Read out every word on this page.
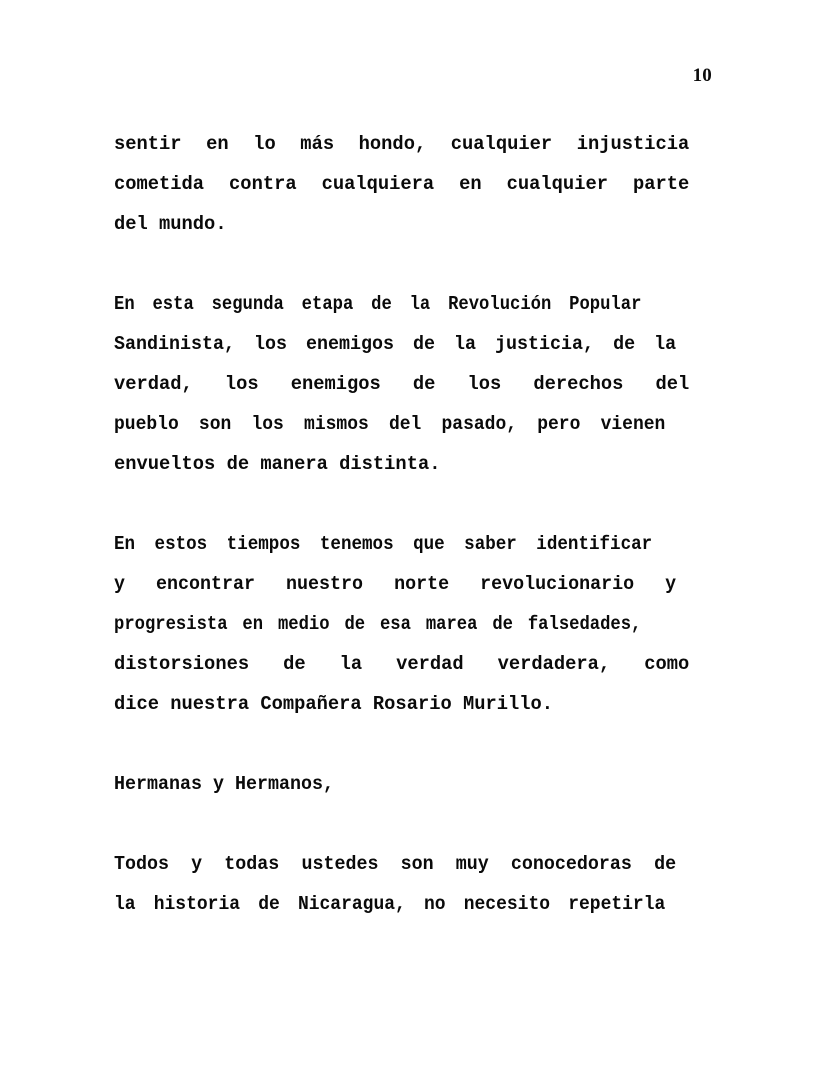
10

sentir en lo más hondo, cualquier injusticia
cometida contra cualquiera en cualquier parte
del mundo.

En esta segunda etapa de la Revolución Popular
Sandinista, los enemigos de la justicia, de la
verdad, los enemigos de los derechos del
pueblo son los mismos del pasado, pero vienen
envueltos de manera distinta.

En estos tiempos tenemos que saber identificar
y encontrar nuestro norte revolucionario y
progresista en medio de esa marea de falsedades,
distorsiones de la verdad verdadera, como
dice nuestra Compañera Rosario Murillo.

Hermanas y Hermanos,

Todos y todas ustedes son muy conocedoras de
la historia de Nicaragua, no necesito repetirla
